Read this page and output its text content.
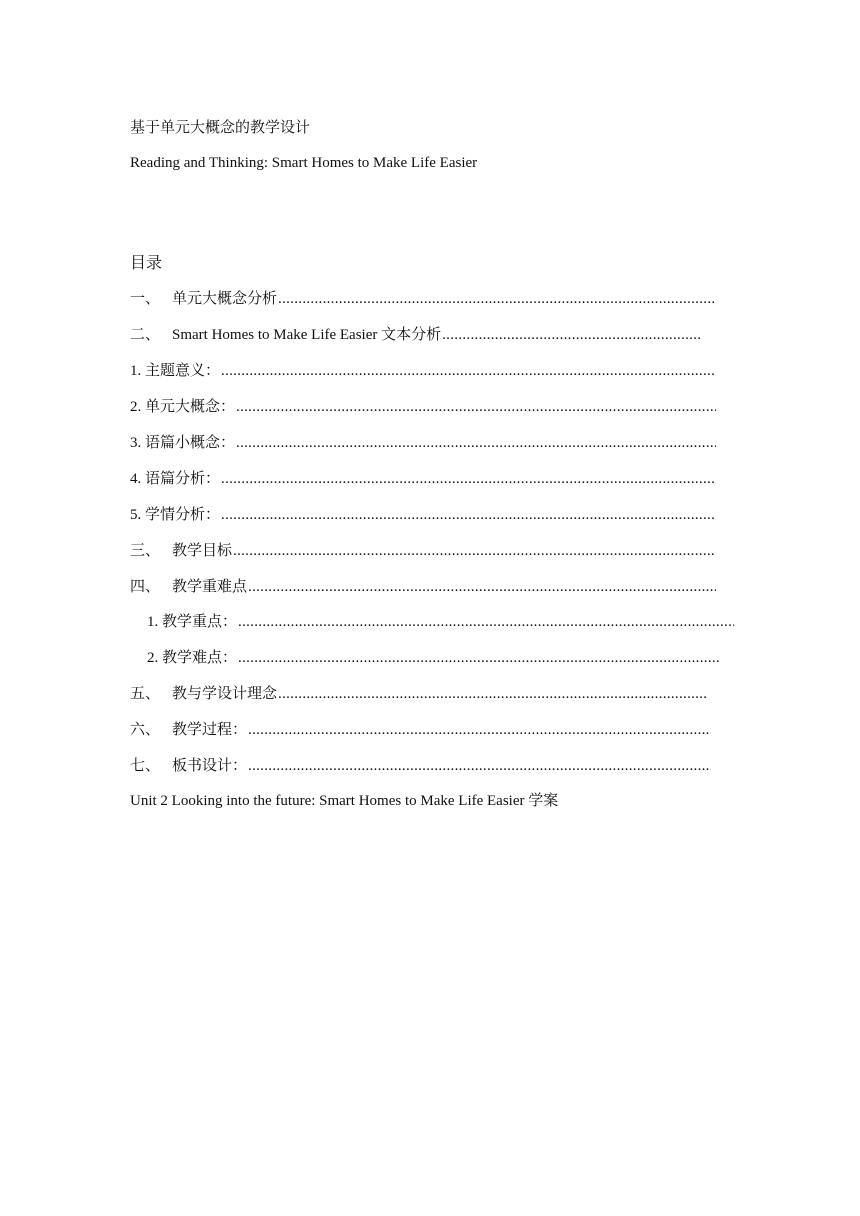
基于单元大概念的教学设计
Reading and Thinking: Smart Homes to Make Life Easier
目录
一、 单元大概念分析
.....
二、 Smart Homes to Make Life Easier 文本分析
.....
1. 主题意义：
.....
2. 单元大概念：
.....
3. 语篇小概念：
.....
4. 语篇分析：
.....
5. 学情分析：
.....
三、 教学目标
.....
四、 教学重难点
.....
1. 教学重点：
.....
2. 教学难点：
.....
五、 教与学设计理念
.....
六、 教学过程：
.....
七、 板书设计：
.....
Unit 2 Looking into the future: Smart Homes to Make Life Easier 学案
